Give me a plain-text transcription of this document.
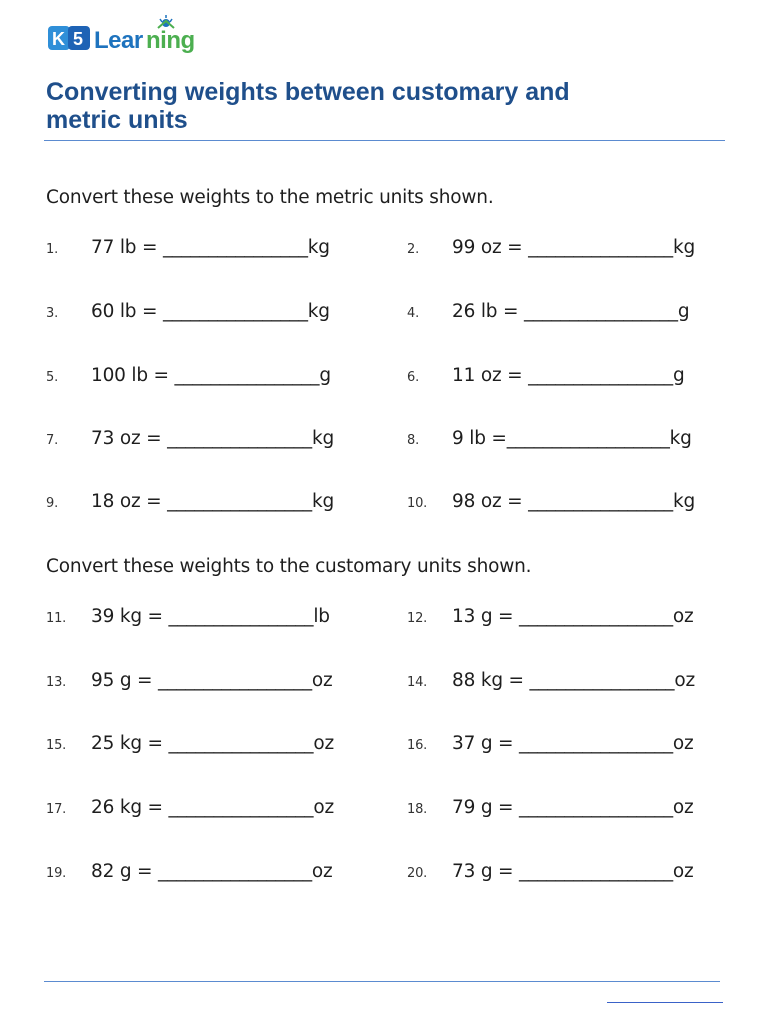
K 5 Lear ning
Converting weights between customary and
metric units
Convert these weights to the metric units shown.
1. 77 lb = ________________kg	2. 99 oz = ________________kg
3. 60 lb = ________________kg	4. 26 lb = _________________g
5. 100 lb = ________________g	6. 11 oz = ________________g
7. 73 oz = ________________kg	8. 9 lb =__________________kg
9. 18 oz = ________________kg	10. 98 oz = ________________kg
Convert these weights to the customary units shown.
11. 39 kg = ________________lb	12. 13 g = _________________oz
13. 95 g = _________________oz	14. 88 kg = ________________oz
15. 25 kg = ________________oz	16. 37 g = _________________oz
17. 26 kg = ________________oz	18. 79 g = _________________oz
19. 82 g = _________________oz	20. 73 g = _________________oz
